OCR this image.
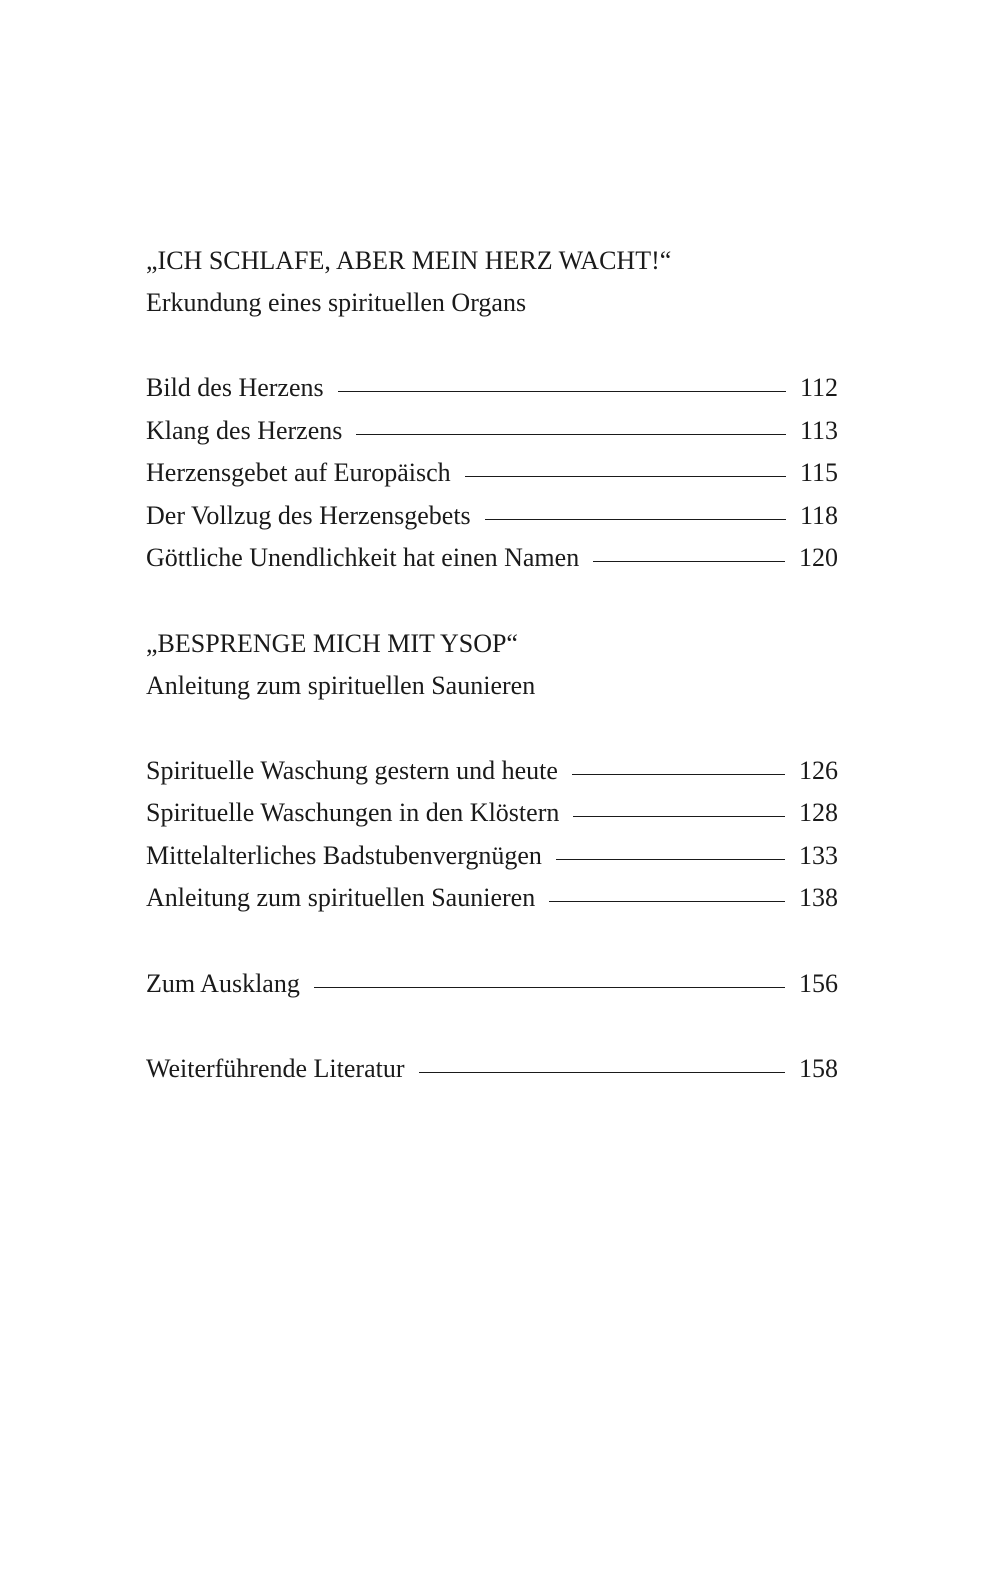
„ICH SCHLAFE, ABER MEIN HERZ WACHT!“
Erkundung eines spirituellen Organs
Bild des Herzens	112
Klang des Herzens	113
Herzensgebet auf Europäisch	115
Der Vollzug des Herzensgebets	118
Göttliche Unendlichkeit hat einen Namen	120
„BESPRENGE MICH MIT YSOP“
Anleitung zum spirituellen Saunieren
Spirituelle Waschung gestern und heute	126
Spirituelle Waschungen in den Klöstern	128
Mittelalterliches Badstubenvergnügen	133
Anleitung zum spirituellen Saunieren	138
Zum Ausklang	156
Weiterführende Literatur	158
